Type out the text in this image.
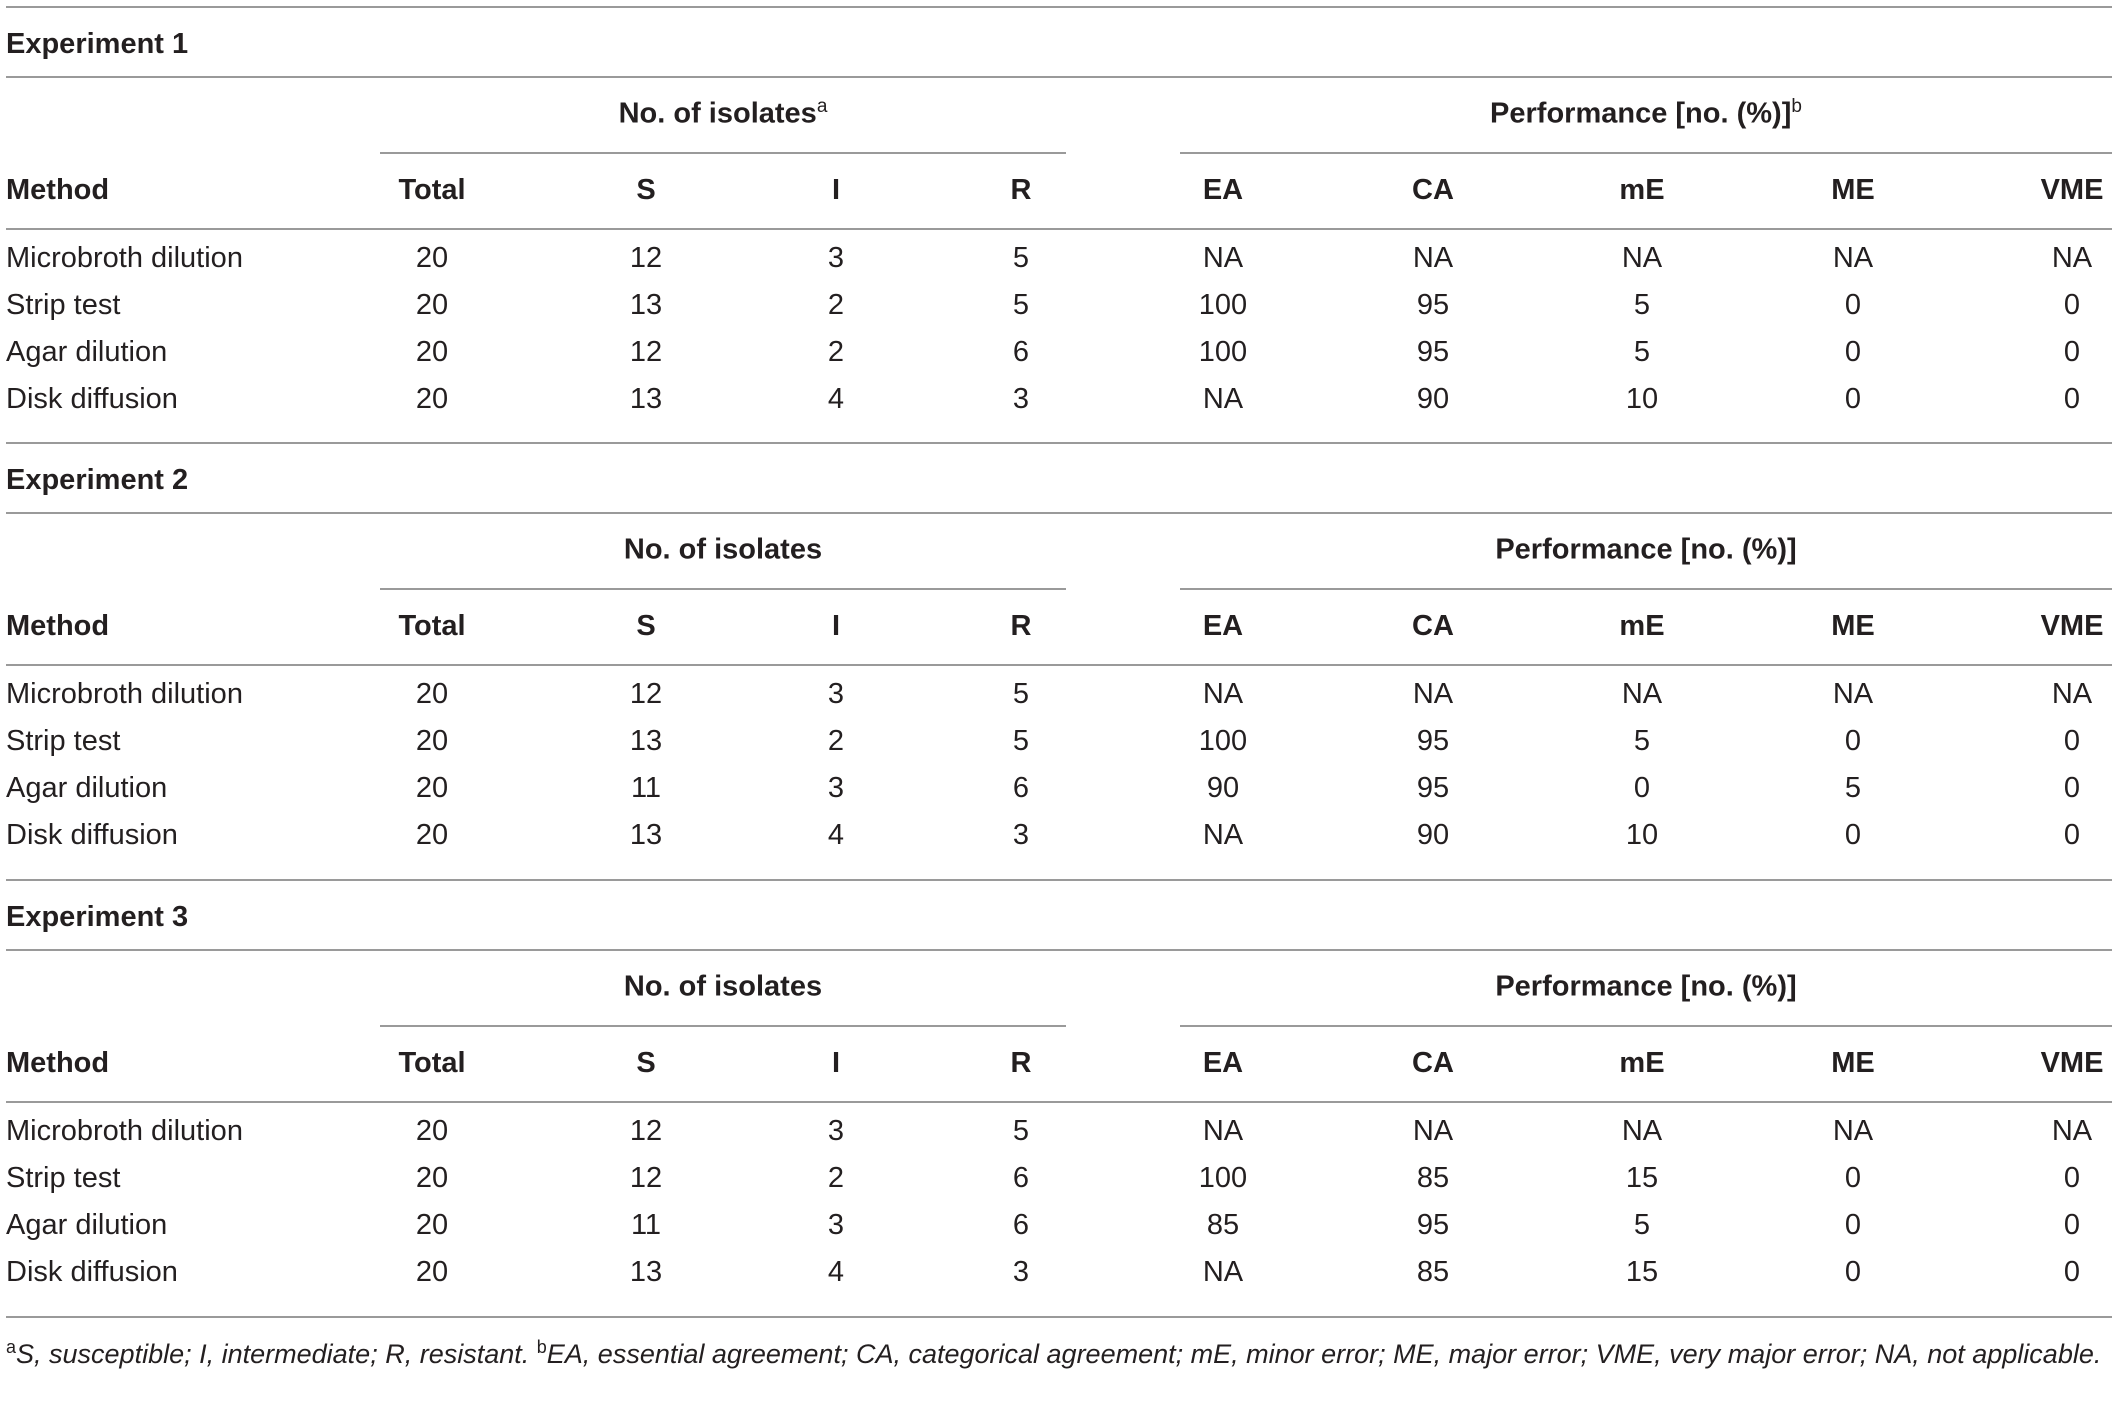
Experiment 1
No. of isolates$^a$	Performance [no. (%)]$^b$
Method	Total	S	I	R	EA	CA	mE	ME	VME
Microbroth dilution	20	12	3	5	NA	NA	NA	NA	NA
Strip test	20	13	2	5	100	95	5	0	0
Agar dilution	20	12	2	6	100	95	5	0	0
Disk diffusion	20	13	4	3	NA	90	10	0	0
Experiment 2
No. of isolates	Performance [no. (%)]
Method	Total	S	I	R	EA	CA	mE	ME	VME
Microbroth dilution	20	12	3	5	NA	NA	NA	NA	NA
Strip test	20	13	2	5	100	95	5	0	0
Agar dilution	20	11	3	6	90	95	0	5	0
Disk diffusion	20	13	4	3	NA	90	10	0	0
Experiment 3
No. of isolates	Performance [no. (%)]
Method	Total	S	I	R	EA	CA	mE	ME	VME
Microbroth dilution	20	12	3	5	NA	NA	NA	NA	NA
Strip test	20	12	2	6	100	85	15	0	0
Agar dilution	20	11	3	6	85	95	5	0	0
Disk diffusion	20	13	4	3	NA	85	15	0	0
$^a$S, susceptible; I, intermediate; R, resistant. $^b$EA, essential agreement; CA, categorical agreement; mE, minor error; ME, major error; VME, very major error; NA, not applicable.
